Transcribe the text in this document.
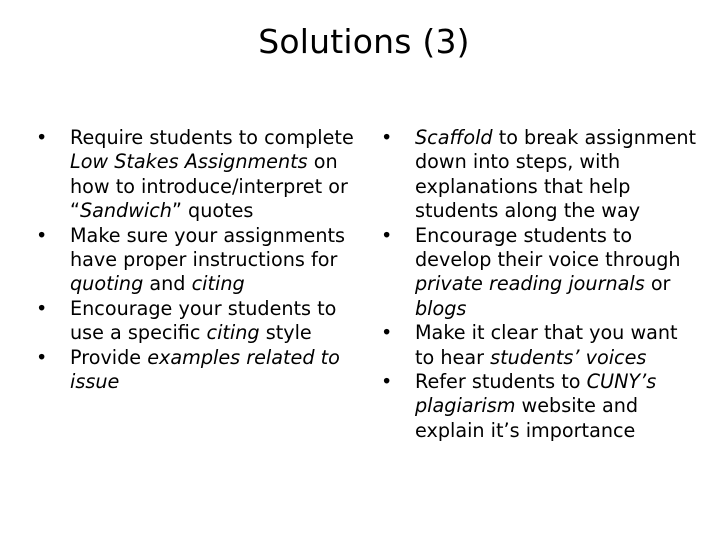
Solutions (3)
•	Require students to complete Low Stakes Assignments on how to introduce/interpret or “Sandwich” quotes
•	Make sure your assignments have proper instructions for quoting and citing
•	Encourage your students to use a specific citing style
•	Provide examples related to issue
•	Scaffold to break assignment down into steps, with explanations that help students along the way
•	Encourage students to develop their voice through private reading journals or blogs
•	Make it clear that you want to hear students’ voices
•	Refer students to CUNY’s plagiarism website and explain it’s importance
